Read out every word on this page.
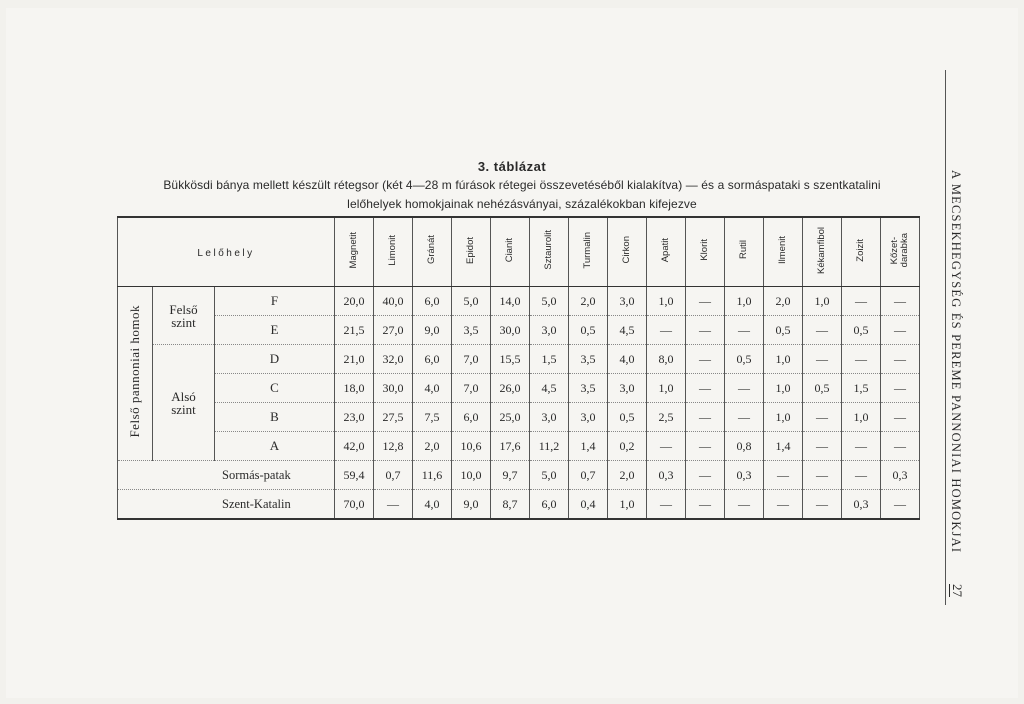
3. táblázat
Bükkösdi bánya mellett készült rétegsor (két 4—28 m fúrások rétegei összevetéséből kialakítva) — és a sormáspataki s szentkatalini
lelőhelyek homokjainak nehézásványai, százalékokban kifejezve
Lelőhely			Magnetit	Limonit	Gránát	Epidot	Cianit	Sztaurolit	Turmalin	Cirkon	Apatit	Klorit	Rutil	Ilmenit	Kékamfibol	Zoizit	Kőzet-
darabka
Felső pannoniai homok	Felső
szint	F	20,0	40,0	6,0	5,0	14,0	5,0	2,0	3,0	1,0	—	1,0	2,0	1,0	—	—
		E	21,5	27,0	9,0	3,5	30,0	3,0	0,5	4,5	—	—	—	0,5	—	0,5	—

	Alsó
szint	D	21,0	32,0	6,0	7,0	15,5	1,5	3,5	4,0	8,0	—	0,5	1,0	—	—	—
		C	18,0	30,0	4,0	7,0	26,0	4,5	3,5	3,0	1,0	—	—	1,0	0,5	1,5	—
		B	23,0	27,5	7,5	6,0	25,0	3,0	3,0	0,5	2,5	—	—	1,0	—	1,0	—
		A	42,0	12,8	2,0	10,6	17,6	11,2	1,4	0,2	—	—	0,8	1,4	—	—	—
Sormás-patak			59,4	0,7	11,6	10,0	9,7	5,0	0,7	2,0	0,3	—	0,3	—	—	—	0,3
Szent-Katalin			70,0	—	4,0	9,0	8,7	6,0	0,4	1,0	—	—	—	—	—	0,3	—	A MECSEKHEGYSÉG ÉS PEREME PANNONIAI HOMOKJAI
27
